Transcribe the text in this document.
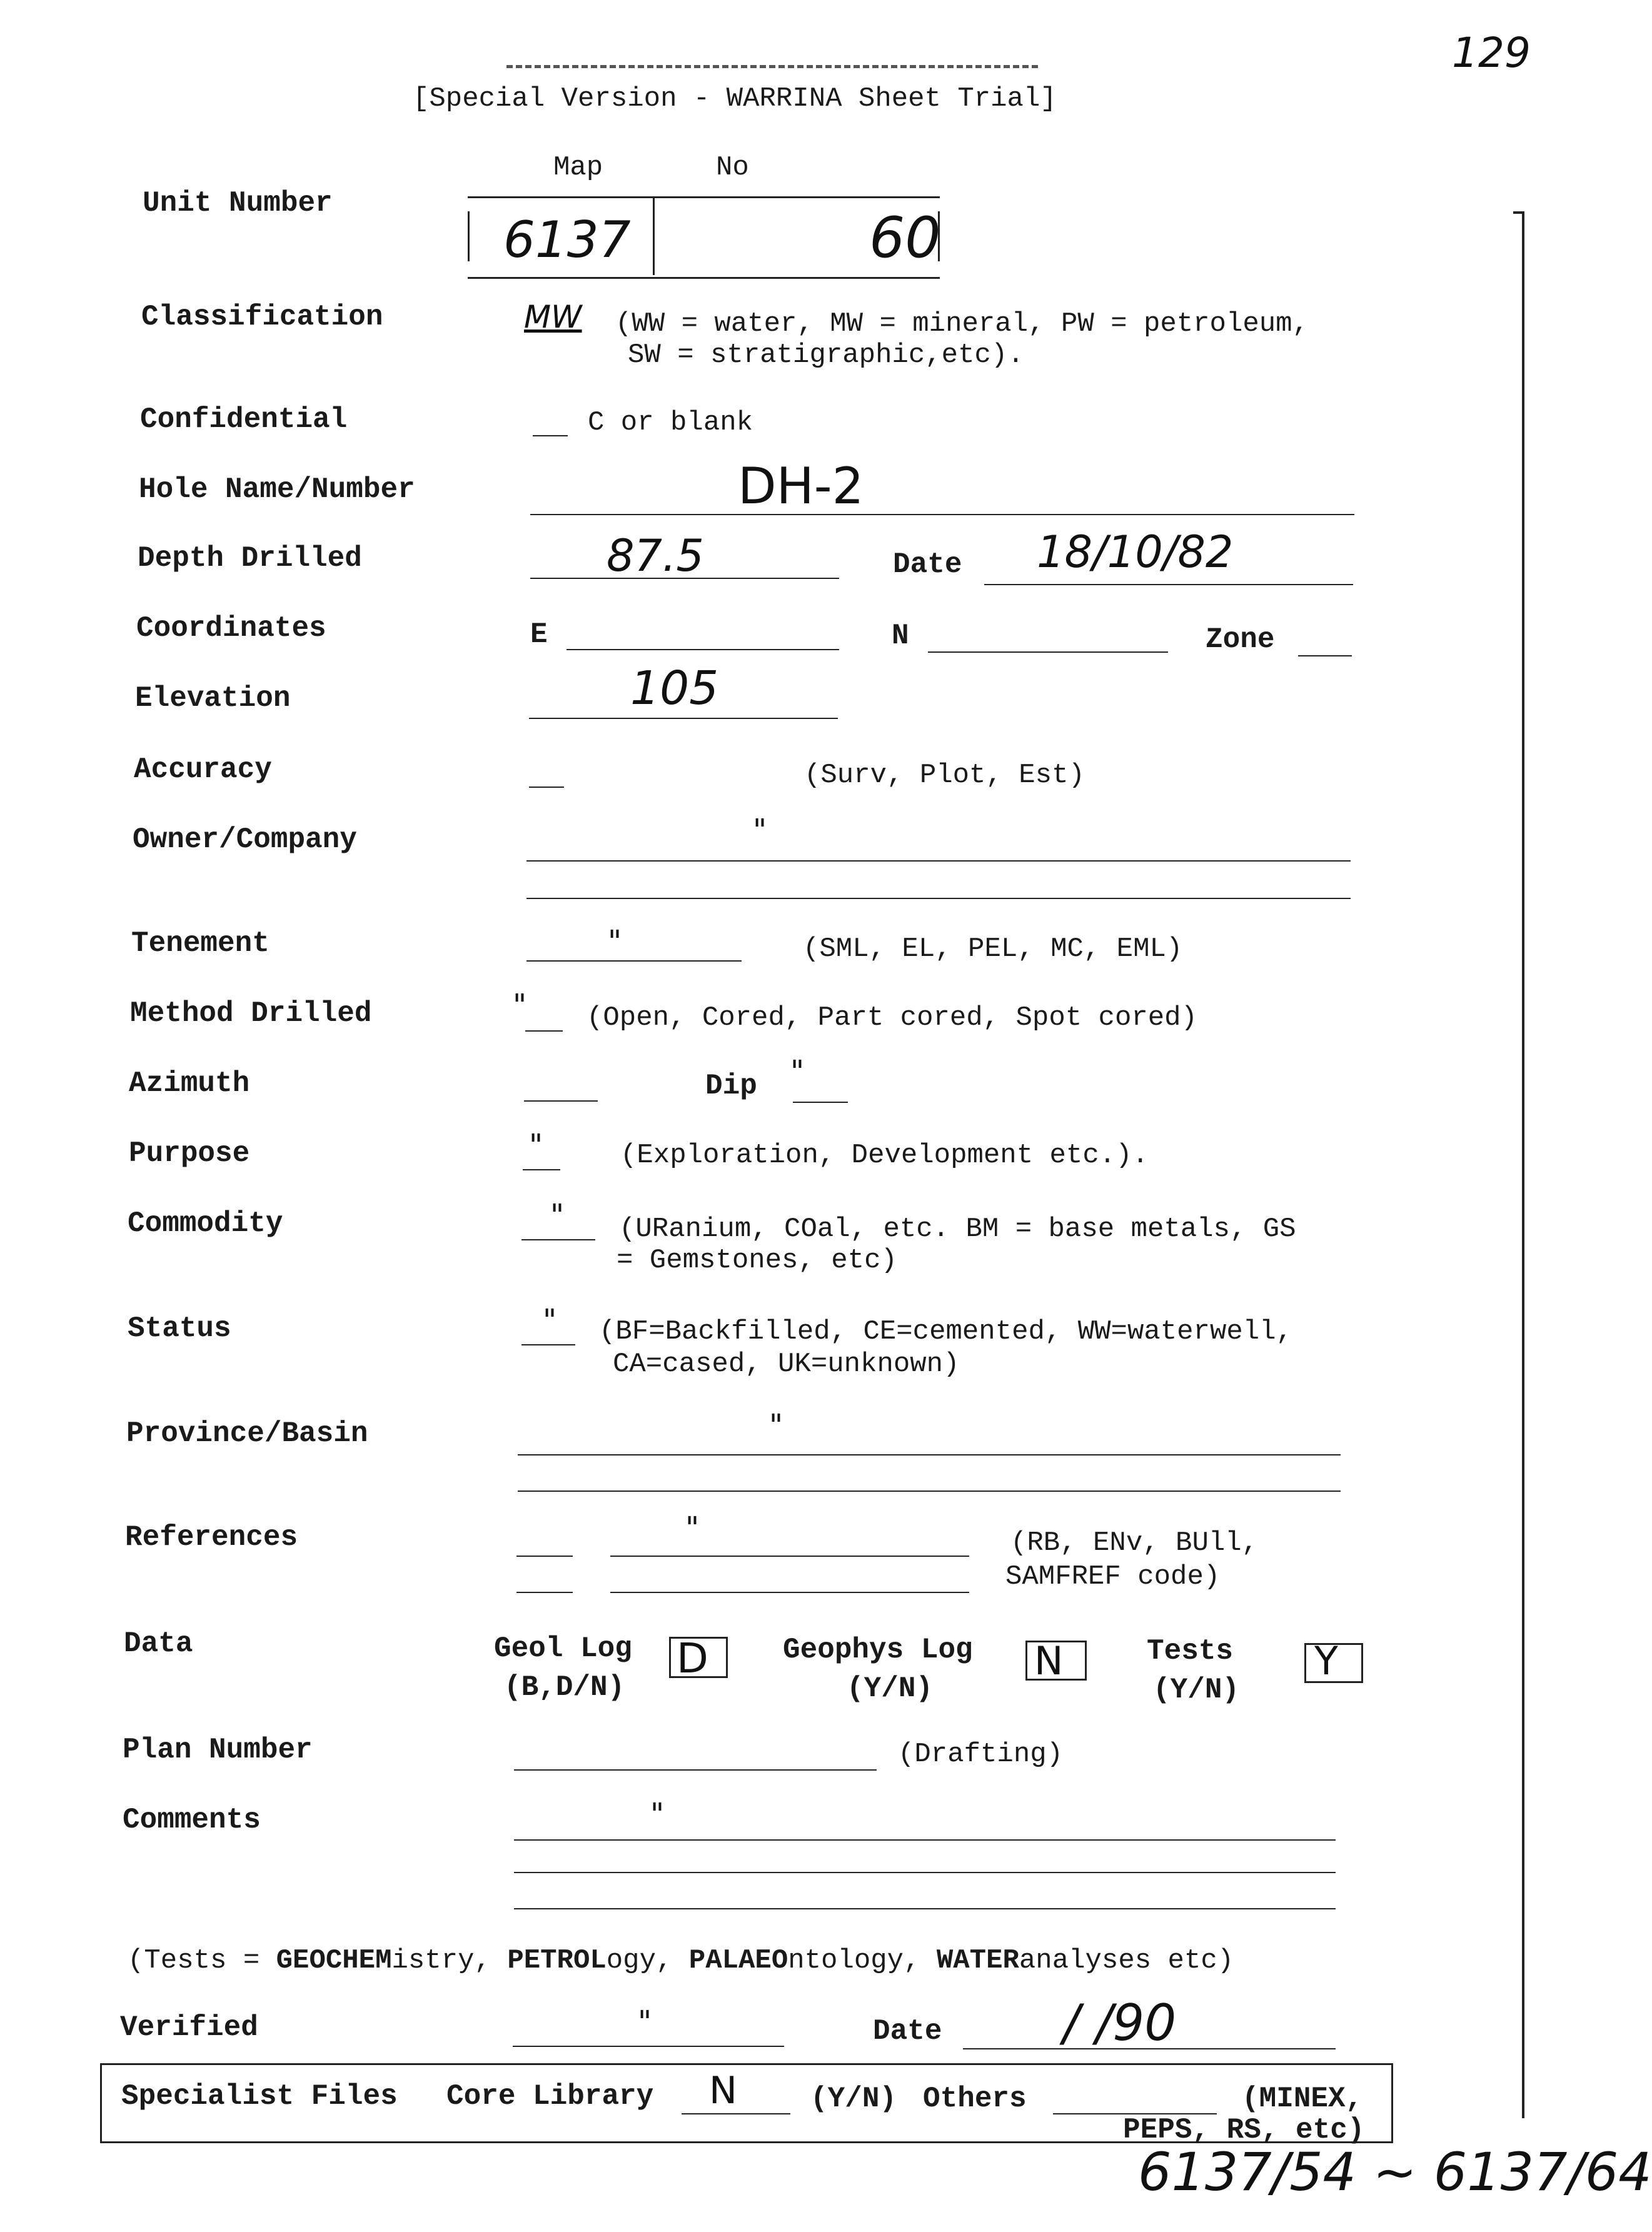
129
[Special Version - WARRINA Sheet Trial]
Unit Number
Map	No
6137	60
Classification	MW (WW = water, MW = mineral, PW = petroleum,
SW = stratigraphic,etc).
Confidential	C or blank
Hole Name/Number	DH-2
Depth Drilled	87.5	Date 18/10/82
Coordinates	E	N	Zone
Elevation	105
Accuracy	(Surv, Plot, Est)
Owner/Company	"
Tenement	"	(SML, EL, PEL, MC, EML)
Method Drilled	" (Open, Cored, Part cored, Spot cored)
Azimuth	Dip "
Purpose	"	(Exploration, Development etc.).
Commodity	" (URanium, COal, etc. BM = base metals, GS
= Gemstones, etc)
Status	" (BF=Backfilled, CE=cemented, WW=waterwell,
CA=cased, UK=unknown)
Province/Basin	"
References	"	(RB, ENv, BUll,
SAMFREF code)
Data	Geol Log
(B,D/N)
D	Geophys Log
(Y/N)
N	Tests
(Y/N)
Y
Plan Number	(Drafting)
Comments	"
(Tests = GEOCHEMistry, PETROLogy, PALAEOntology, WATERanalyses etc)
Verified	"	Date / /90
Specialist Files Core Library N	(Y/N) Others	(MINEX,
PEPS, RS, etc)
6137/54 ~ 6137/64
